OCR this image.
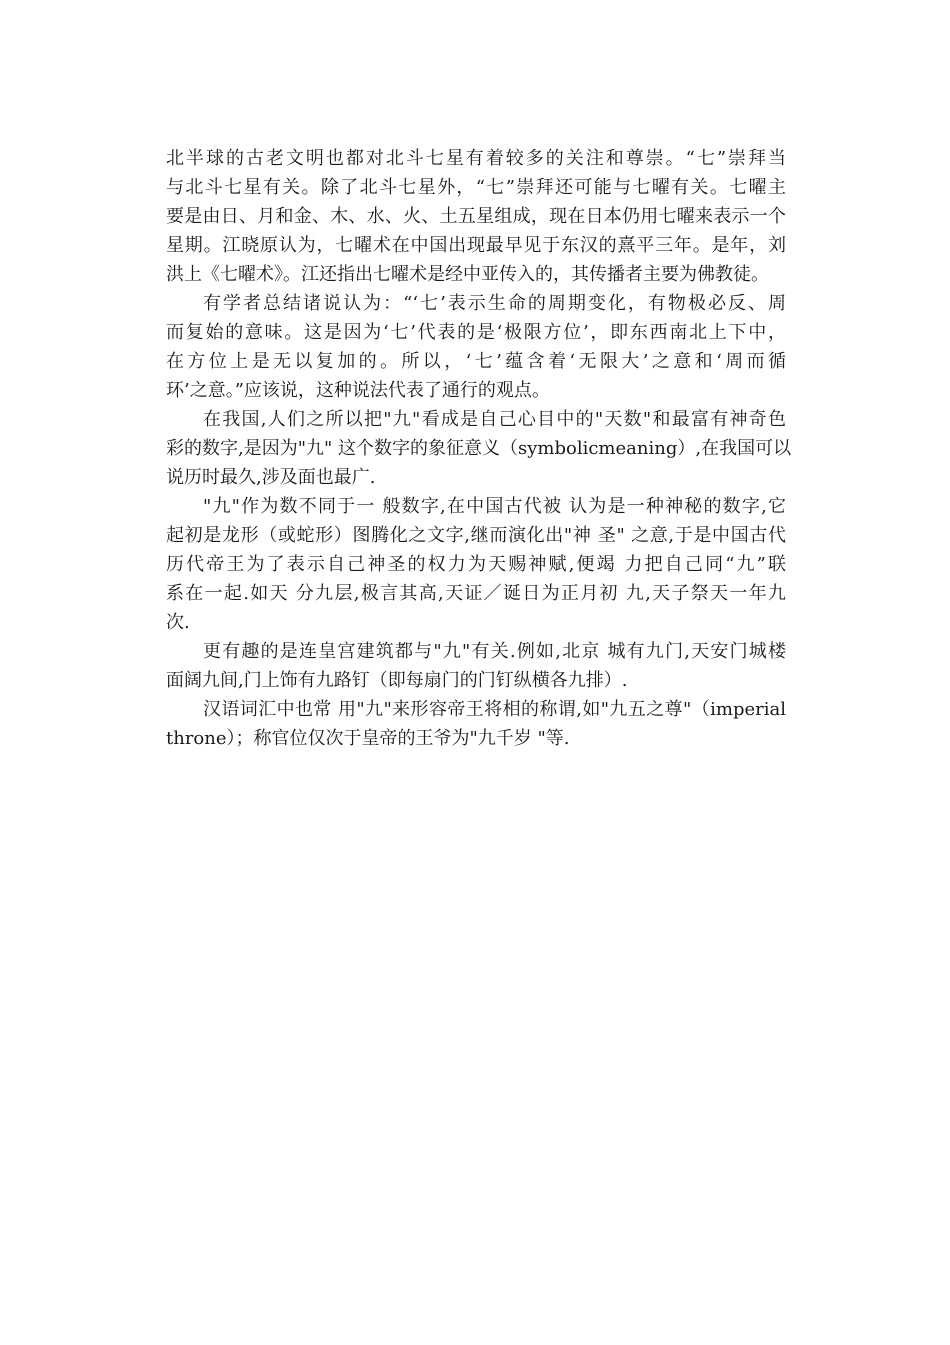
北半球的古老文明也都对北斗七星有着较多的关注和尊崇。“七”崇拜当
与北斗七星有关。除了北斗七星外，“七”崇拜还可能与七曜有关。七曜主
要是由日、月和金、木、水、火、土五星组成，现在日本仍用七曜来表示一个
星期。江晓原认为，七曜术在中国出现最早见于东汉的熹平三年。是年，刘
洪上《七曜术》。江还指出七曜术是经中亚传入的，其传播者主要为佛教徒。
有学者总结诸说认为：“‘七’表示生命的周期变化，有物极必反、周
而复始的意味。这是因为‘七’代表的是‘极限方位’，即东西南北上下中，
在方位上是无以复加的。所以，‘七’蕴含着‘无限大’之意和‘周而循
环’之意。”应该说，这种说法代表了通行的观点。
在我国,人们之所以把"九"看成是自己心目中的"天数"和最富有神奇色
彩的数字,是因为"九" 这个数字的象征意义（symbolicmeaning）,在我国可以
说历时最久,涉及面也最广.
"九"作为数不同于一 般数字,在中国古代被 认为是一种神秘的数字,它
起初是龙形（或蛇形）图腾化之文字,继而演化出"神 圣" 之意,于是中国古代
历代帝王为了表示自己神圣的权力为天赐神赋,便竭 力把自己同“九”联
系在一起.如天 分九层,极言其高,天证／诞日为正月初 九,天子祭天一年九
次.
更有趣的是连皇宫建筑都与"九"有关.例如,北京 城有九门,天安门城楼
面阔九间,门上饰有九路钉（即每扇门的门钉纵横各九排）.
汉语词汇中也常 用"九"来形容帝王将相的称谓,如"九五之尊"（imperial
throne）；称官位仅次于皇帝的王爷为"九千岁 "等.
